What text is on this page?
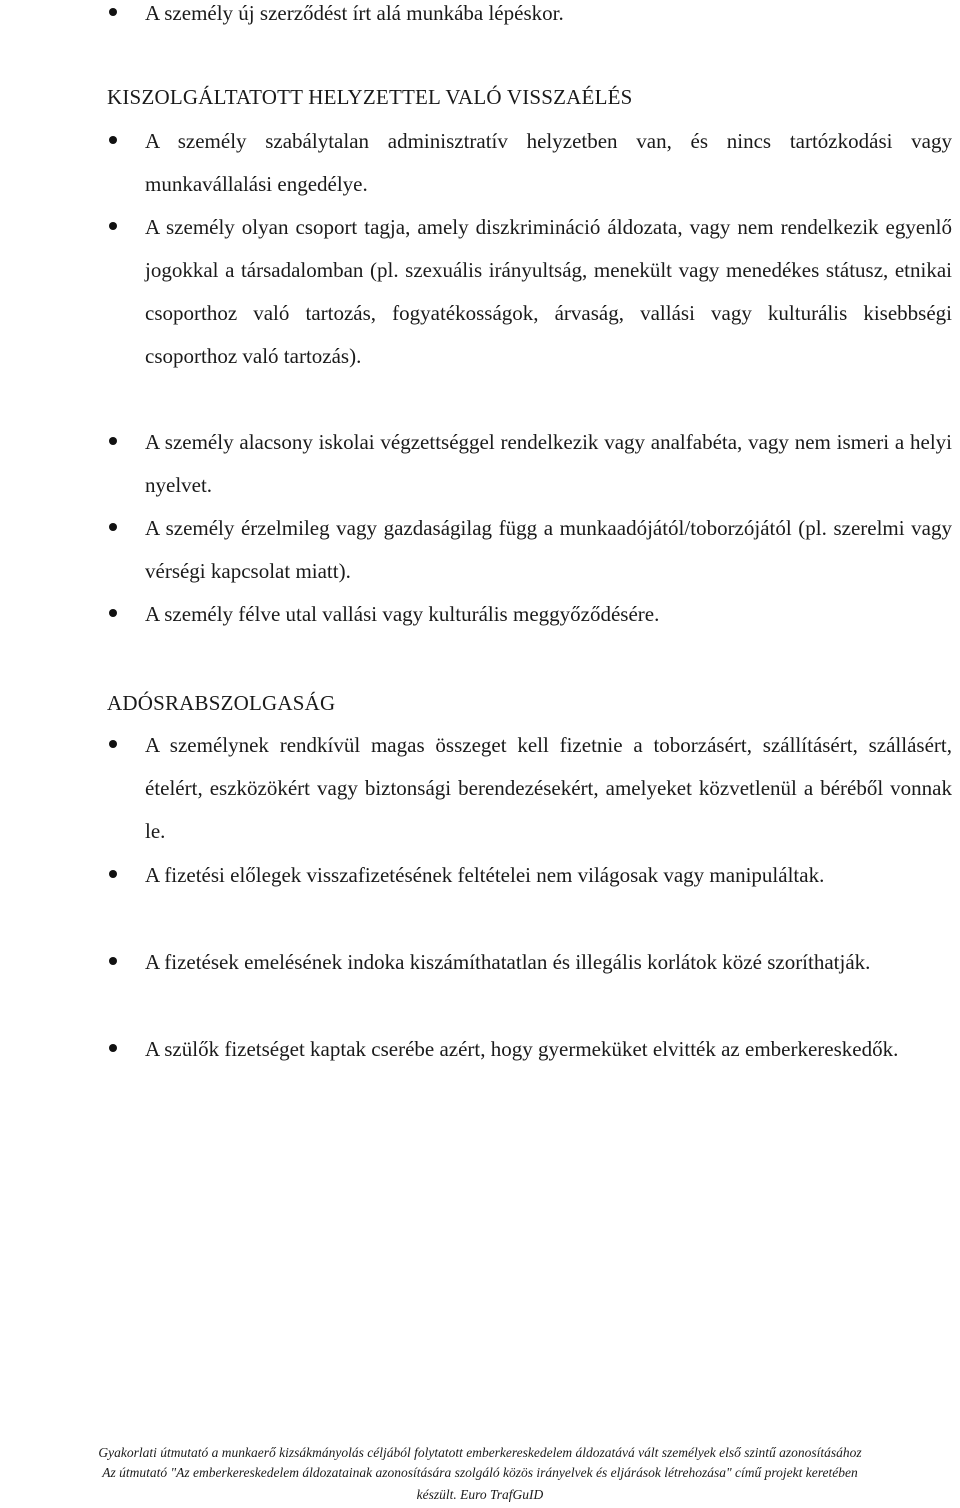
A személy új szerződést írt alá munkába lépéskor.
KISZOLGÁLTATOTT HELYZETTEL VALÓ VISSZAÉLÉS
A személy szabálytalan adminisztratív helyzetben van, és nincs tartózkodási vagy munkavállalási engedélye.
A személy olyan csoport tagja, amely diszkrimináció áldozata, vagy nem rendelkezik egyenlő jogokkal a társadalomban (pl. szexuális irányultság, menekült vagy menedékes státusz, etnikai csoporthoz való tartozás, fogyatékosságok, árvaság, vallási vagy kulturális kisebbségi csoporthoz való tartozás).
A személy alacsony iskolai végzettséggel rendelkezik vagy analfabéta, vagy nem ismeri a helyi nyelvet.
A személy érzelmileg vagy gazdaságilag függ a munkaadójától/toborzójától (pl. szerelmi vagy vérségi kapcsolat miatt).
A személy félve utal vallási vagy kulturális meggyőződésére.
ADÓSRABSZOLGASÁG
A személynek rendkívül magas összeget kell fizetnie a toborzásért, szállításért, szállásért, ételért, eszközökért vagy biztonsági berendezésekért, amelyeket közvetlenül a béréből vonnak le.
A fizetési előlegek visszafizetésének feltételei nem világosak vagy manipuláltak.
A fizetések emelésének indoka kiszámíthatatlan és illegális korlátok közé szoríthatják.
A szülők fizetséget kaptak cserébe azért, hogy gyermeküket elvitték az emberkereskedők.
Gyakorlati útmutató a munkaerő kizsákmányolás céljából folytatott emberkereskedelem áldozatává vált személyek első szintű azonosításához
Az útmutató "Az emberkereskedelem áldozatainak azonosítására szolgáló közös irányelvek és eljárások létrehozása" című projekt keretében
készült. Euro TrafGuID
